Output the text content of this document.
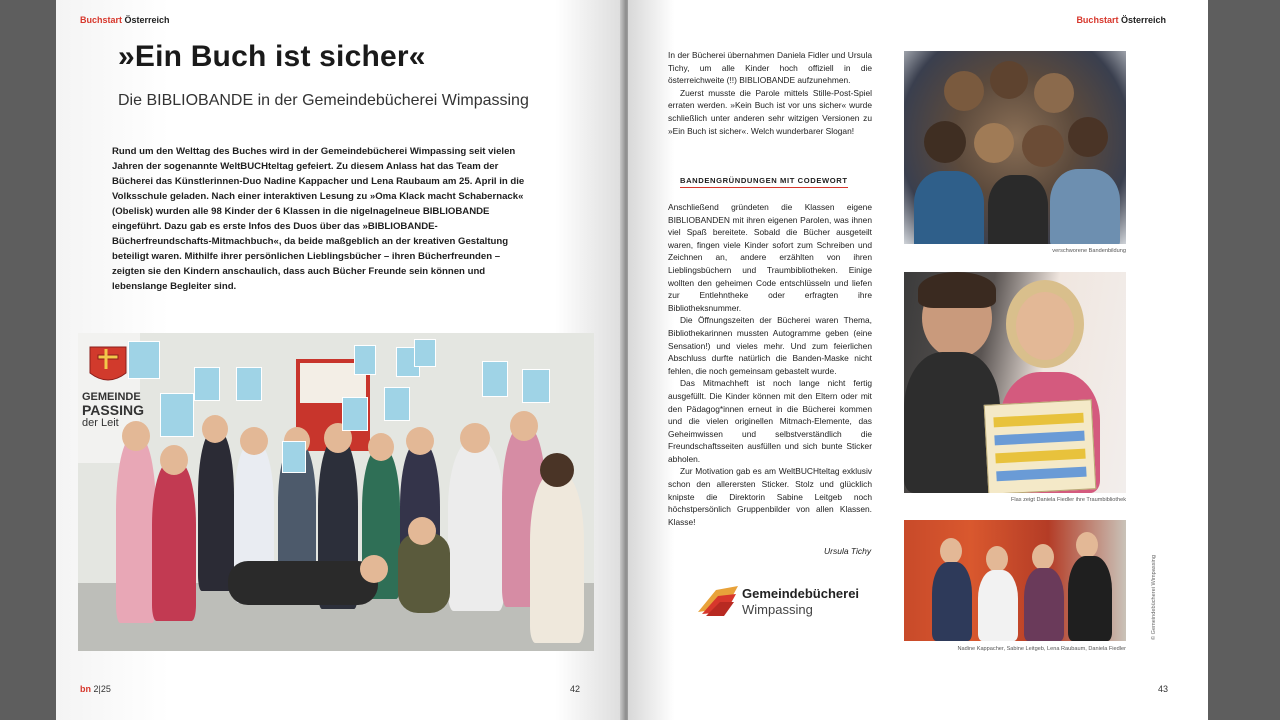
Buchstart Österreich
»Ein Buch ist sicher«
Die BIBLIOBANDE in der Gemeindebücherei Wimpassing

Rund um den Welttag des Buches wird in der Gemeindebücherei Wimpassing seit vielen Jahren der sogenannte WeltBUCHteltag gefeiert. Zu diesem Anlass hat das Team der Bücherei das Künstlerinnen-Duo Nadine Kappacher und Lena Raubaum am 25. April in die Volksschule geladen. Nach einer interaktiven Lesung zu »Oma Klack macht Schabernack« (Obelisk) wurden alle 98 Kinder der 6 Klassen in die nigelnagelneue BIBLIOBANDE eingeführt. Dazu gab es erste Infos des Duos über das »BIBLIOBANDE-Bücherfreundschafts-Mitmachbuch«, da beide maßgeblich an der kreativen Gestaltung beteiligt waren. Mithilfe ihrer persönlichen Lieblingsbücher – ihren Bücherfreunden – zeigten sie den Kindern anschaulich, dass auch Bücher Freunde sein können und lebenslange Begleiter sind.

GEMEINDE
PASSING
der Leit
bn 2|25	42
Buchstart Österreich

In der Bücherei übernahmen Daniela Fidler und Ursula Tichy, um alle Kinder hoch offiziell in die österreichweite (!!) BIBLIOBANDE aufzunehmen.

Zuerst musste die Parole mittels Stille-Post-Spiel erraten werden. »Kein Buch ist vor uns sicher« wurde schließlich unter anderen sehr witzigen Versionen zu »Ein Buch ist sicher«. Welch wunderbarer Slogan!

BANDENGRÜNDUNGEN MIT CODEWORT

Anschließend gründeten die Klassen eigene BIBLIOBANDEN mit ihren eigenen Parolen, was ihnen viel Spaß bereitete. Sobald die Bücher ausgeteilt waren, fingen viele Kinder sofort zum Schreiben und Zeichnen an, andere erzählten von ihren Lieblingsbüchern und Traumbibliotheken. Einige wollten den geheimen Code entschlüsseln und liefen zur Entlehntheke oder erfragten ihre Bibliotheksnummer.

Die Öffnungszeiten der Bücherei waren Thema, Bibliothekarinnen mussten Autogramme geben (eine Sensation!) und vieles mehr. Und zum feierlichen Abschluss durfte natürlich die Banden-Maske nicht fehlen, die noch gemeinsam gebastelt wurde.

Das Mitmachheft ist noch lange nicht fertig ausgefüllt. Die Kinder können mit den Eltern oder mit den Pädagog*innen erneut in die Bücherei kommen und die vielen originellen Mitmach-Elemente, das Geheimwissen und selbstverständlich die Freundschaftsseiten ausfüllen und sich bunte Sticker abholen.

Zur Motivation gab es am WeltBUCHteltag exklusiv schon den allerersten Sticker. Stolz und glücklich knipste die Direktorin Sabine Leitgeb noch höchstpersönlich Gruppenbilder von allen Klassen. Klasse!

Ursula Tichy
Gemeindebücherei
Wimpassing
verschworene Bandenbildung
Flas zeigt Daniela Fiedler ihre Traumbibliothek
Nadine Kappacher, Sabine Leitgeb, Lena Raubaum, Daniela Fiedler
© Gemeindebücherei Wimpassing
43
